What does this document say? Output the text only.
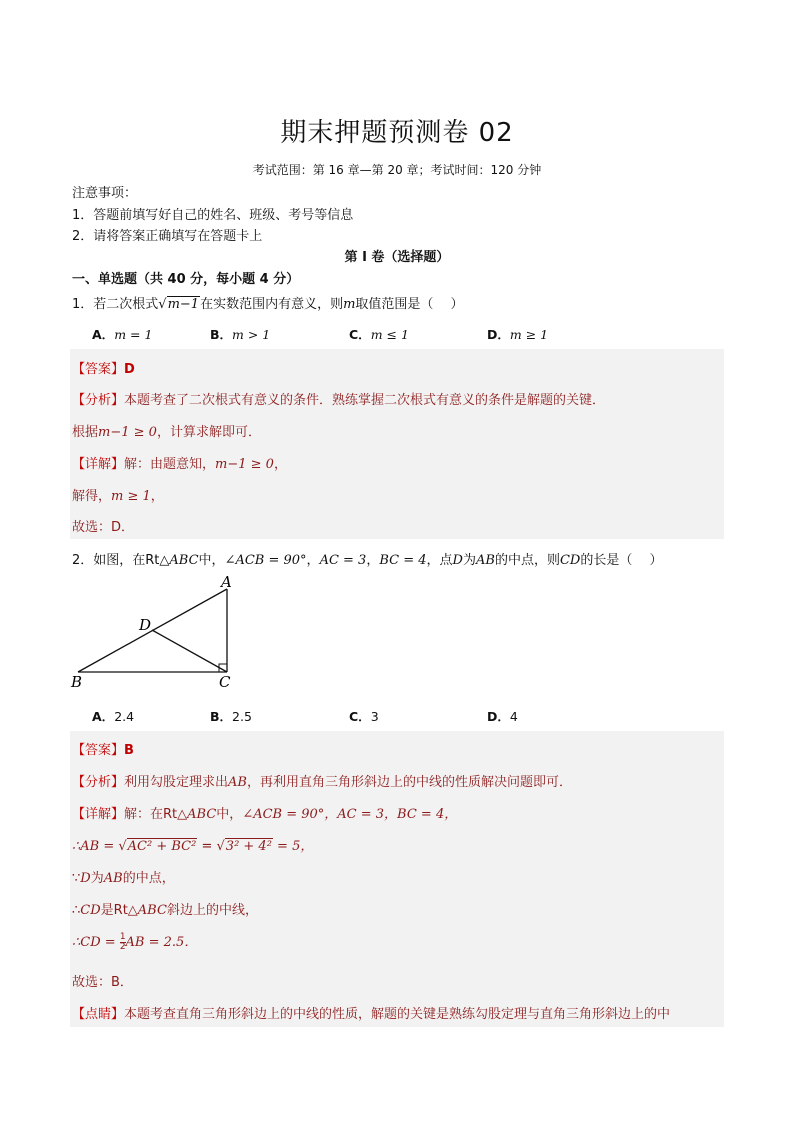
期末押题预测卷 02
考试范围：第 16 章—第 20 章；考试时间：120 分钟
注意事项：
1．答题前填写好自己的姓名、班级、考号等信息
2．请将答案正确填写在答题卡上
第 I 卷（选择题）
一、单选题（共 40 分，每小题 4 分）
1．若二次根式√m−1在实数范围内有意义，则m取值范围是（　 ）
A．m = 1	B．m > 1	C．m ≤ 1	D．m ≥ 1
【答案】D
【分析】本题考查了二次根式有意义的条件．熟练掌握二次根式有意义的条件是解题的关键．
根据m−1 ≥ 0，计算求解即可．
【详解】解：由题意知，m−1 ≥ 0，
解得，m ≥ 1，
故选：D．
2．如图，在Rt△ABC中，∠ACB = 90°，AC = 3，BC = 4，点D为AB的中点，则CD的长是（　 ）
A
B	C
D
A．2.4	B．2.5	C．3	D．4
【答案】B
【分析】利用勾股定理求出AB，再利用直角三角形斜边上的中线的性质解决问题即可．
【详解】解：在Rt△ABC中，∠ACB = 90°，AC = 3，BC = 4，
∴AB = √AC² + BC² = √3² + 4² = 5，
∵D为AB的中点，
∴CD是Rt△ABC斜边上的中线，
∴CD = $\frac{1}{2}$ AB = 2.5．
故选：B．
【点睛】本题考查直角三角形斜边上的中线的性质，解题的关键是熟练勾股定理与直角三角形斜边上的中
